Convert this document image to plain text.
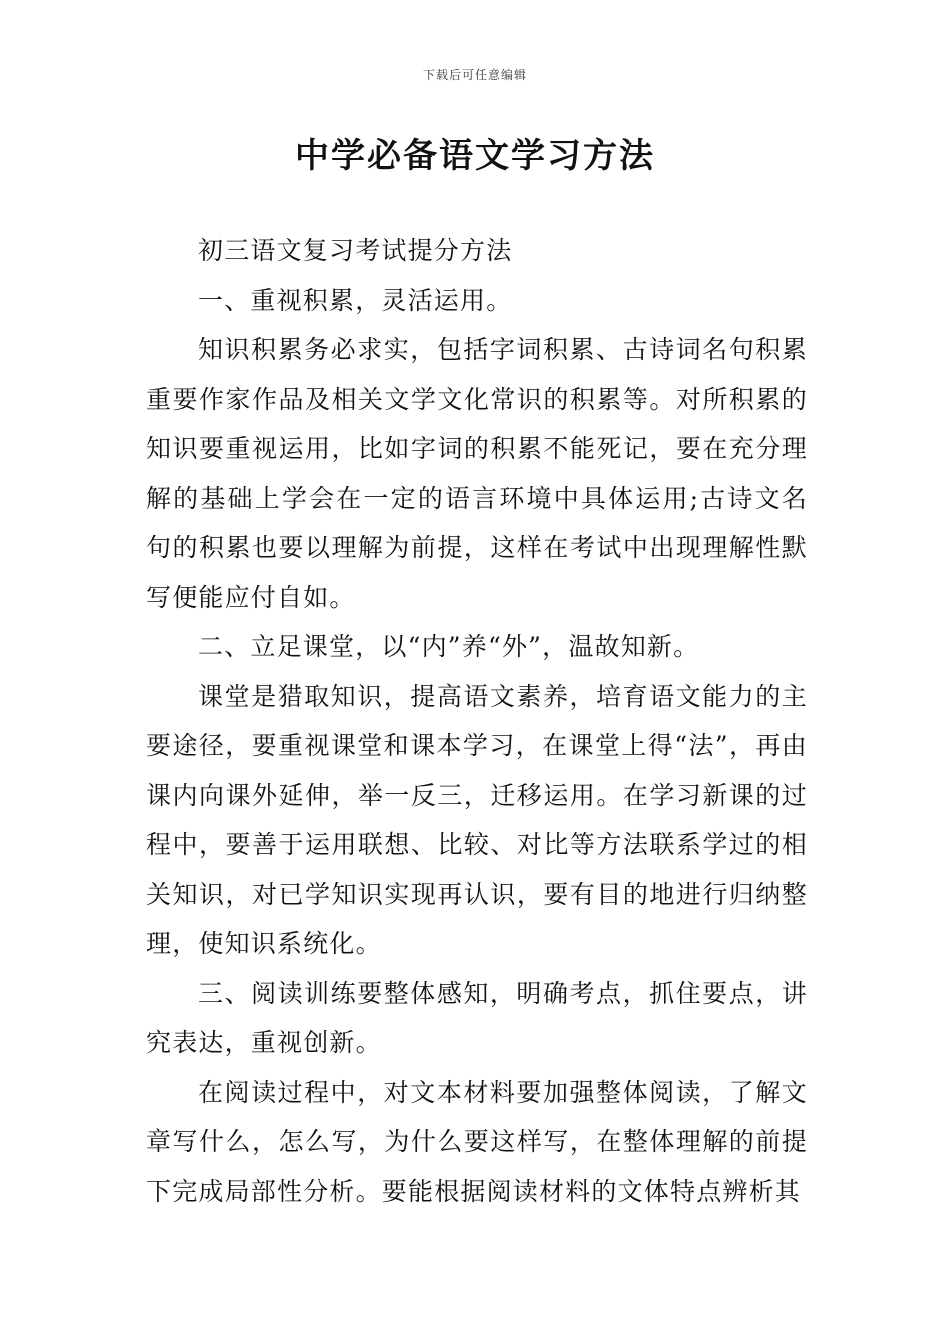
下载后可任意编辑
中学必备语文学习方法

初三语文复习考试提分方法

一、重视积累，灵活运用。

知识积累务必求实，包括字词积累、古诗词名句积累重要作家作品及相关文学文化常识的积累等。对所积累的知识要重视运用，比如字词的积累不能死记，要在充分理解的基础上学会在一定的语言环境中具体运用;古诗文名句的积累也要以理解为前提，这样在考试中出现理解性默写便能应付自如。

二、立足课堂，以“内”养“外”，温故知新。

课堂是猎取知识，提高语文素养，培育语文能力的主要途径，要重视课堂和课本学习，在课堂上得“法”，再由课内向课外延伸，举一反三，迁移运用。在学习新课的过程中，要善于运用联想、比较、对比等方法联系学过的相关知识，对已学知识实现再认识，要有目的地进行归纳整理，使知识系统化。

三、阅读训练要整体感知，明确考点，抓住要点，讲究表达，重视创新。

在阅读过程中，对文本材料要加强整体阅读，了解文章写什么，怎么写，为什么要这样写，在整体理解的前提下完成局部性分析。要能根据阅读材料的文体特点辨析其
